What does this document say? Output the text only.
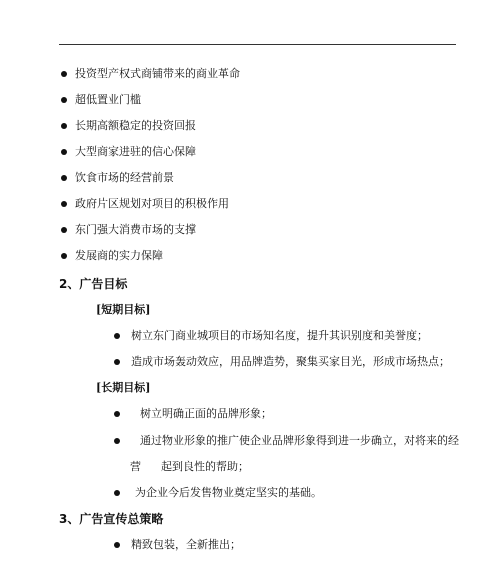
投资型产权式商铺带来的商业革命
超低置业门槛
长期高额稳定的投资回报
大型商家进驻的信心保障
饮食市场的经营前景
政府片区规划对项目的积极作用
东门强大消费市场的支撑
发展商的实力保障
2、广告目标
[短期目标]
树立东门商业城项目的市场知名度，提升其识别度和美誉度；
造成市场轰动效应，用品牌造势，聚集买家目光，形成市场热点；
[长期目标]
树立明确正面的品牌形象；
通过物业形象的推广使企业品牌形象得到进一步确立，对将来的经
营 起到良性的帮助；
为企业今后发售物业奠定坚实的基础。
3、广告宣传总策略
精致包装，全新推出；
